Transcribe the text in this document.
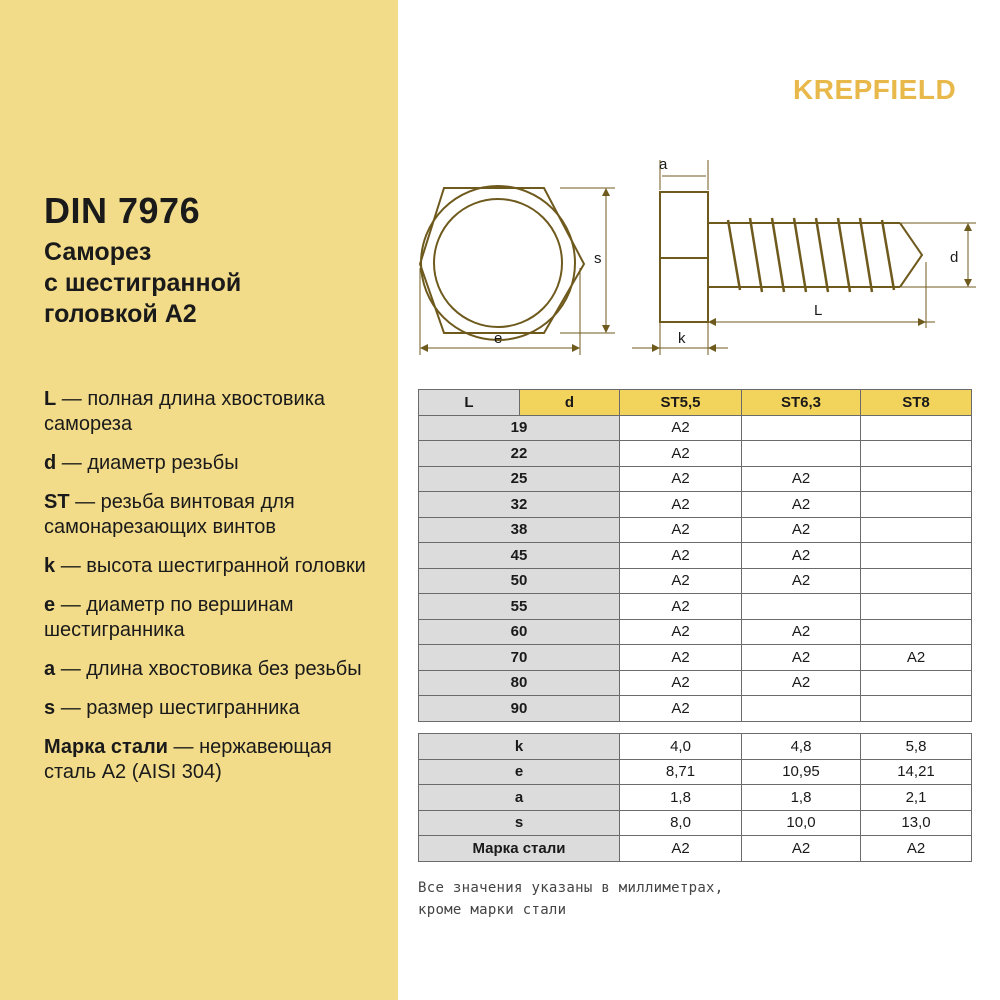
DIN 7976
Саморез
с шестигранной
головкой А2

L — полная длина хвостовика самореза

d — диаметр резьбы

ST — резьба винтовая для самонарезающих винтов

k — высота шестигранной головки

e — диаметр по вершинам шестигранника

a — длина хвостовика без резьбы

s — размер шестигранника

Марка стали — нержавеющая сталь А2 (AISI 304)

KREPFIELD
s
e
a
k
L
d
L	d	ST5,5	ST6,3	ST8
19		A2		
22		A2		
25		A2	A2	
32		A2	A2	
38		A2	A2	
45		A2	A2	
50		A2	A2	
55		A2		
60		A2	A2	
70		A2	A2	A2
80		A2	A2	
90		A2		
k	4,0	4,8	5,8
e	8,71	10,95	14,21
a	1,8	1,8	2,1
s	8,0	10,0	13,0
Марка стали	A2	A2	A2
Все значения указаны в миллиметрах,
кроме марки стали
